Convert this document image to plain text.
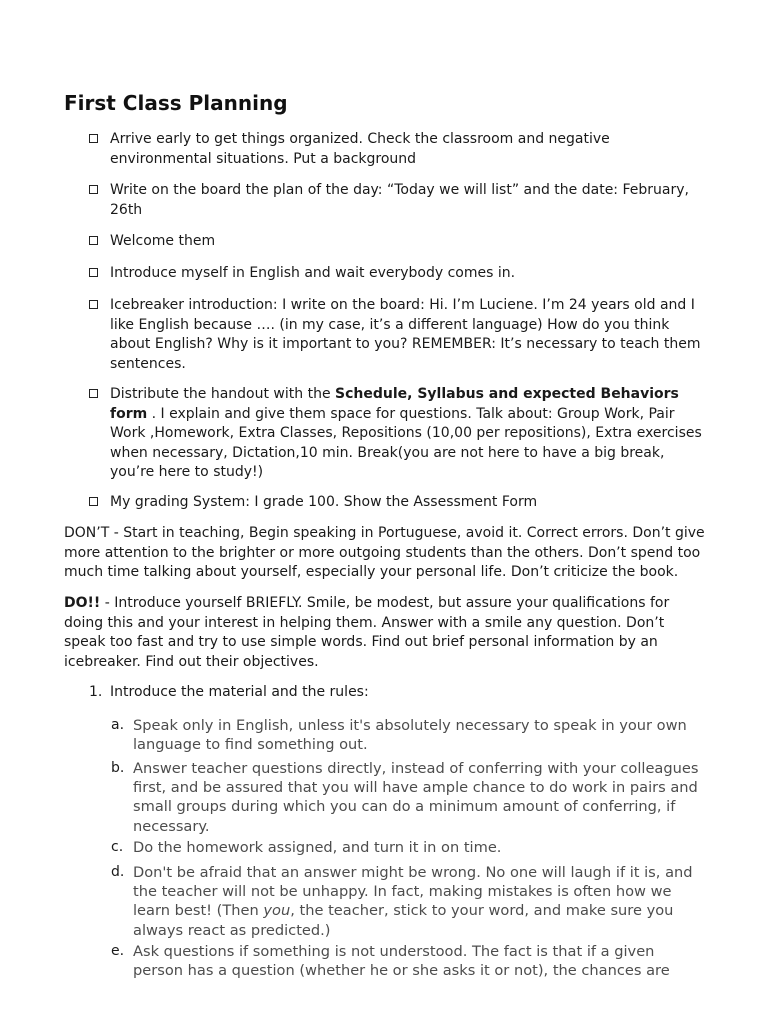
First Class Planning
Arrive early to get things organized. Check the classroom and negative environmental situations. Put a background
Write on the board the plan of the day: “Today we will list” and the date: February, 26th
Welcome them
Introduce myself in English and wait everybody comes in.
Icebreaker introduction: I write on the board: Hi. I’m Luciene. I’m 24 years old and I like English because …. (in my case, it’s a different language) How do you think about English? Why is it important to you? REMEMBER: It’s necessary to teach them sentences.
Distribute the handout with the Schedule, Syllabus and expected Behaviors form . I explain and give them space for questions. Talk about: Group Work, Pair Work ,Homework, Extra Classes, Repositions (10,00 per repositions), Extra exercises when necessary, Dictation,10 min. Break(you are not here to have a big break, you’re here to study!)
My grading System: I grade 100. Show the Assessment Form

DON’T - Start in teaching, Begin speaking in Portuguese, avoid it. Correct errors. Don’t give more attention to the brighter or more outgoing students than the others. Don’t spend too much time talking about yourself, especially your personal life. Don’t criticize the book.

DO!! - Introduce yourself BRIEFLY. Smile, be modest, but assure your qualifications for doing this and your interest in helping them. Answer with a smile any question. Don’t speak too fast and try to use simple words. Find out brief personal information by an icebreaker. Find out their objectives.

1. Introduce the material and the rules:
a. Speak only in English, unless it's absolutely necessary to speak in your own language to find something out.
b. Answer teacher questions directly, instead of conferring with your colleagues first, and be assured that you will have ample chance to do work in pairs and small groups during which you can do a minimum amount of conferring, if necessary.
c. Do the homework assigned, and turn it in on time.
d. Don't be afraid that an answer might be wrong. No one will laugh if it is, and the teacher will not be unhappy. In fact, making mistakes is often how we learn best! (Then you, the teacher, stick to your word, and make sure you always react as predicted.)
e. Ask questions if something is not understood. The fact is that if a given person has a question (whether he or she asks it or not), the chances are
